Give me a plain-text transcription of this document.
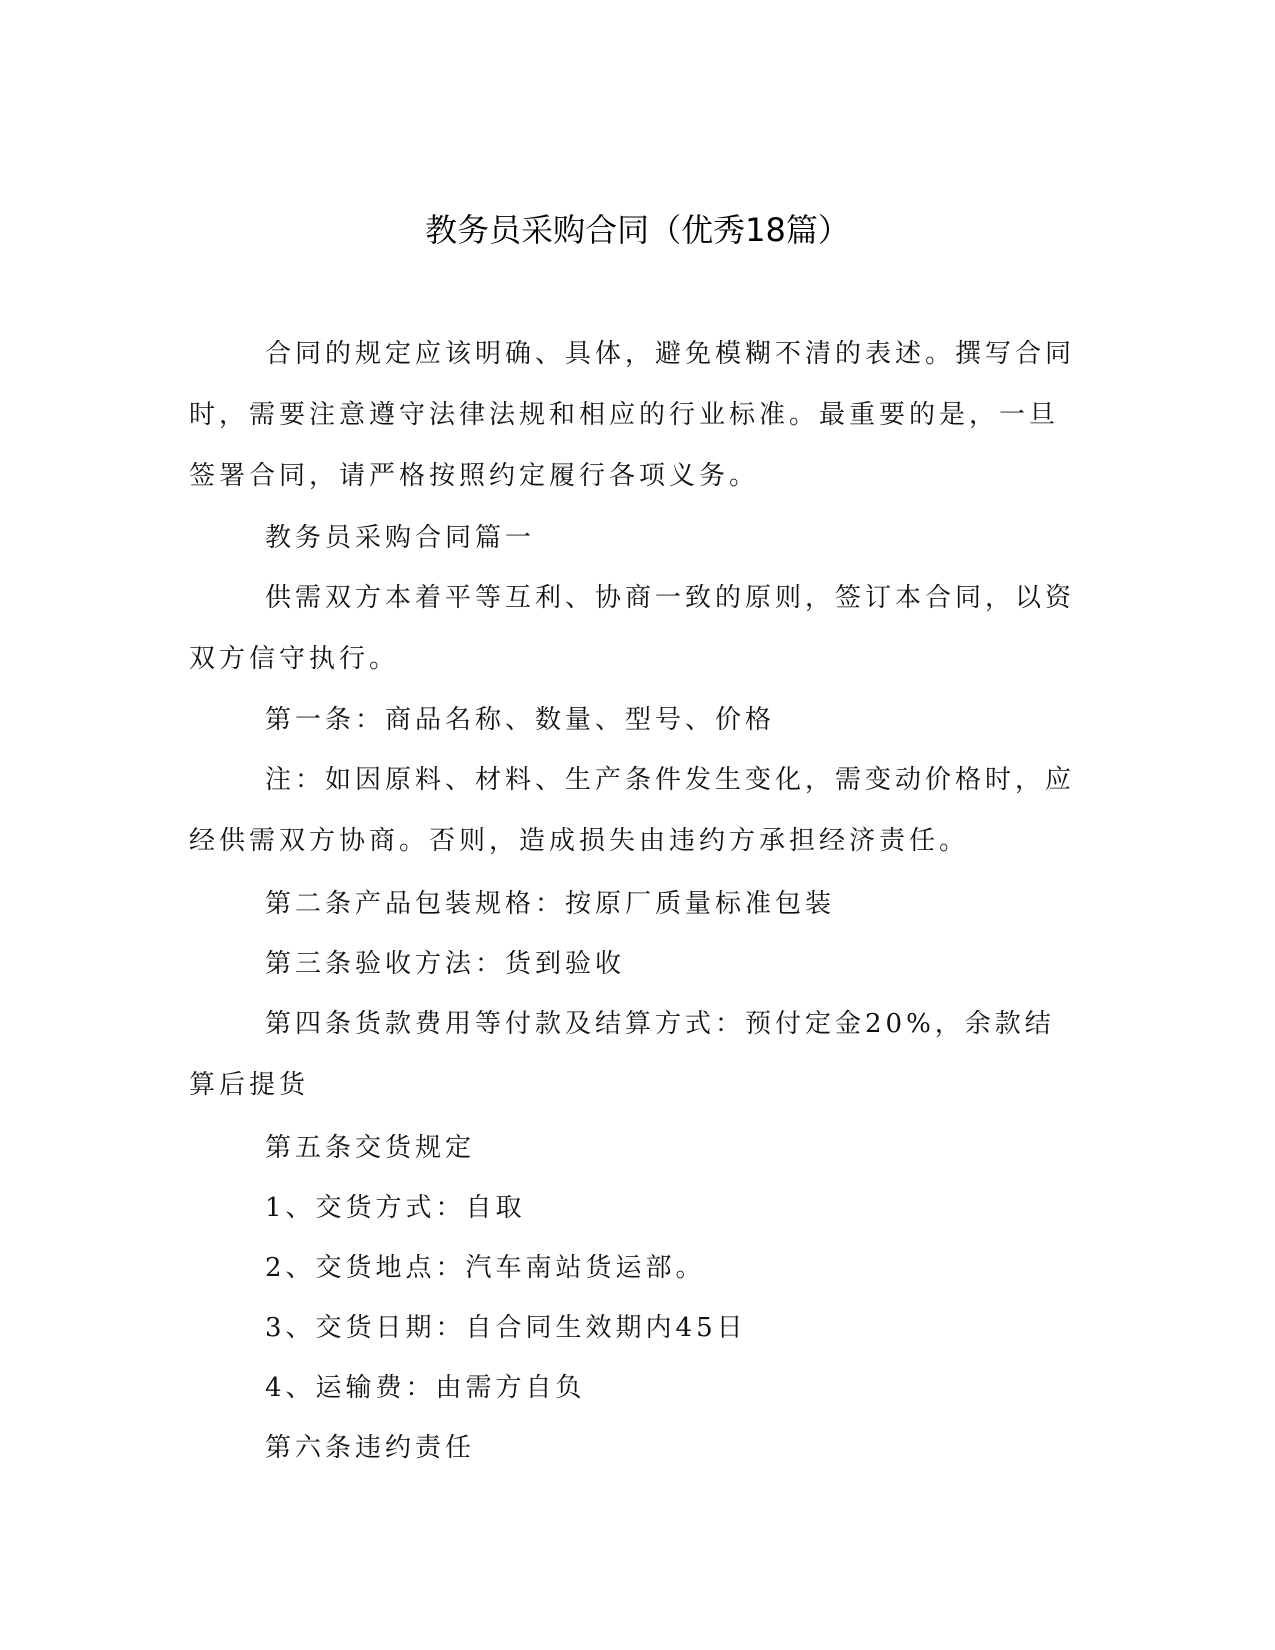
教务员采购合同（优秀18篇）

合同的规定应该明确、具体，避免模糊不清的表述。撰写合同时，需要注意遵守法律法规和相应的行业标准。最重要的是，一旦签署合同，请严格按照约定履行各项义务。

教务员采购合同篇一

供需双方本着平等互利、协商一致的原则，签订本合同，以资双方信守执行。

第一条：商品名称、数量、型号、价格

注：如因原料、材料、生产条件发生变化，需变动价格时，应经供需双方协商。否则，造成损失由违约方承担经济责任。

第二条产品包装规格：按原厂质量标准包装

第三条验收方法：货到验收

第四条货款费用等付款及结算方式：预付定金20%，余款结算后提货

第五条交货规定

1、交货方式：自取

2、交货地点：汽车南站货运部。

3、交货日期：自合同生效期内45日

4、运输费：由需方自负

第六条违约责任
